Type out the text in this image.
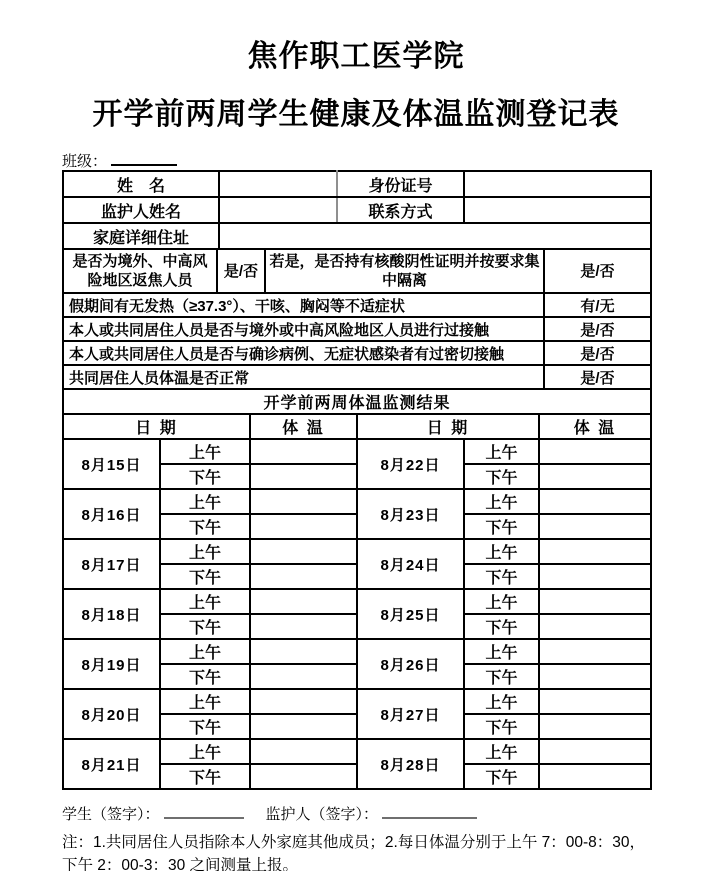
焦作职工医学院
开学前两周学生健康及体温监测登记表
班级：
姓　名		身份证号	
监护人姓名		联系方式	
家庭详细住址			
是否为境外、中高风险地区返焦人员	是/否	若是，是否持有核酸阴性证明并按要求集中隔离	是/否
假期间有无发热（≥37.3°）、干咳、胸闷等不适症状	有/无
本人或共同居住人员是否与境外或中高风险地区人员进行过接触	是/否
本人或共同居住人员是否与确诊病例、无症状感染者有过密切接触	是/否
共同居住人员体温是否正常	是/否
开学前两周体温监测结果					
日 期		体 温	日 期		体 温
8月15日	上午		8月22日	上午	
	下午			下午	
8月16日	上午		8月23日	上午	
	下午			下午	
8月17日	上午		8月24日	上午	
	下午			下午	
8月18日	上午		8月25日	上午	
	下午			下午	
8月19日	上午		8月26日	上午	
	下午			下午	
8月20日	上午		8月27日	上午	
	下午			下午	
8月21日	上午		8月28日	上午	
	下午			下午	
学生（签字）：	监护人（签字）：
注：1.共同居住人员指除本人外家庭其他成员；2.每日体温分别于上午 7：00-8：30，
下午 2：00-3：30 之间测量上报。
